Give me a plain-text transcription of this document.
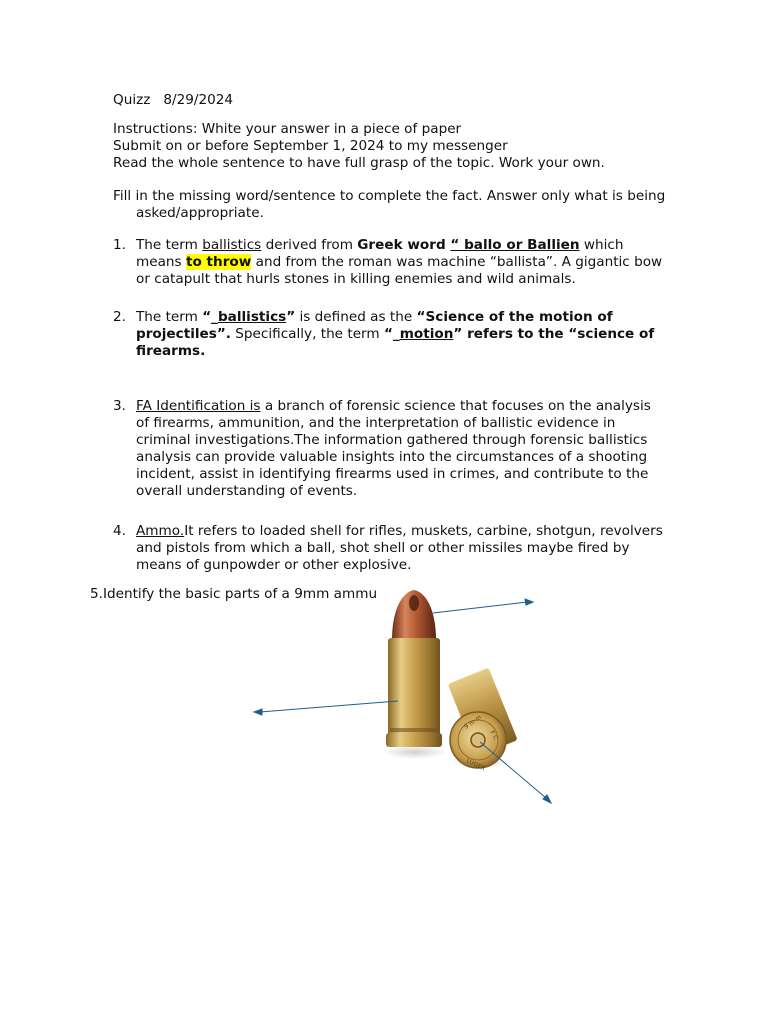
Quizz 8/29/2024
Instructions: White your answer in a piece of paper
Submit on or before September 1, 2024 to my messenger
Read the whole sentence to have full grasp of the topic. Work your own.
Fill in the missing word/sentence to complete the fact. Answer only what is being
asked/appropriate.
1. The term ballistics derived from Greek word “ ballo or Ballien which
means to throw and from the roman was machine “ballista”. A gigantic bow
or catapult that hurls stones in killing enemies and wild animals.
2. The term “_ballistics” is defined as the “Science of the motion of
projectiles”. Specifically, the term “_motion” refers to the “science of
firearms.
3. FA Identification is a branch of forensic science that focuses on the analysis
of firearms, ammunition, and the interpretation of ballistic evidence in
criminal investigations.The information gathered through forensic ballistics
analysis can provide valuable insights into the circumstances of a shooting
incident, assist in identifying firearms used in crimes, and contribute to the
overall understanding of events.
4. Ammo.It refers to loaded shell for rifles, muskets, carbine, shotgun, revolvers
and pistols from which a ball, shot shell or other missiles maybe fired by
means of gunpowder or other explosive.
5.Identify the basic parts of a 9mm ammu
9 m m
LUGER
F C
